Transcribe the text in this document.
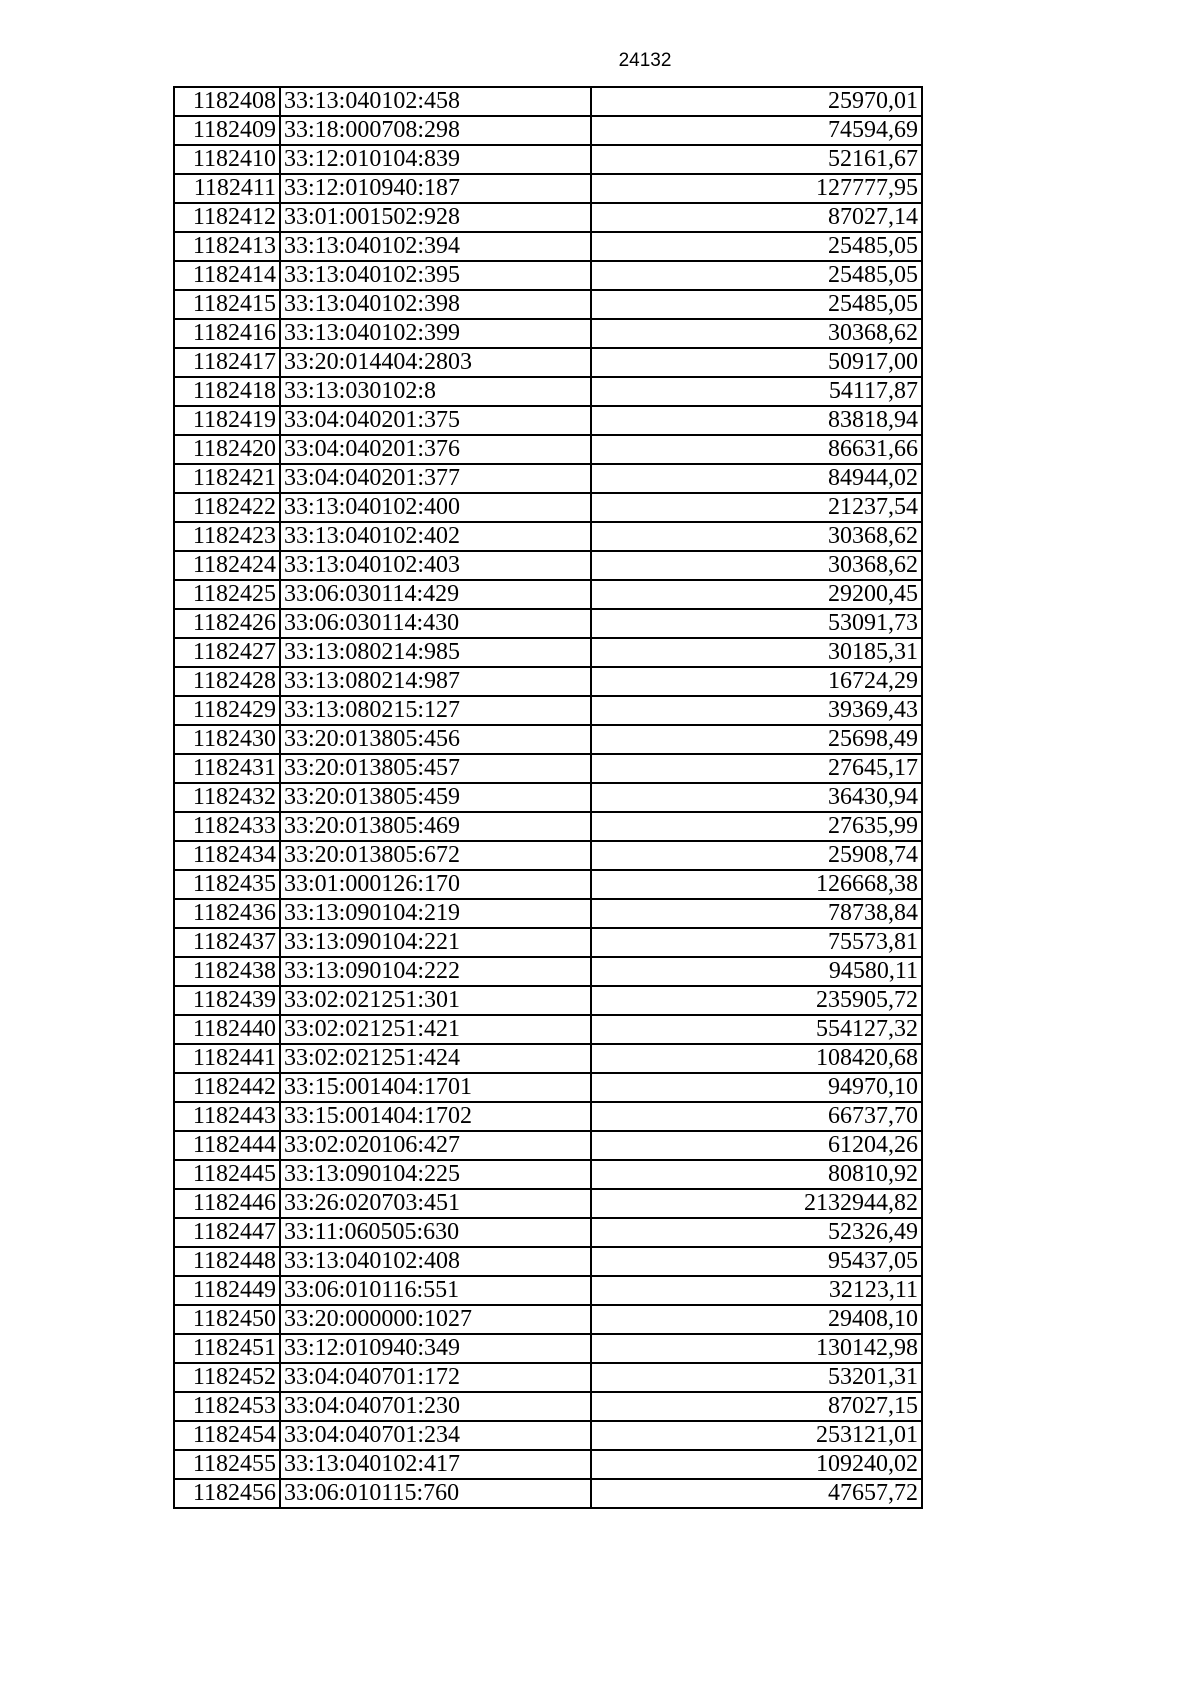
24132
1182408	33:13:040102:458	25970,01
1182409	33:18:000708:298	74594,69
1182410	33:12:010104:839	52161,67
1182411	33:12:010940:187	127777,95
1182412	33:01:001502:928	87027,14
1182413	33:13:040102:394	25485,05
1182414	33:13:040102:395	25485,05
1182415	33:13:040102:398	25485,05
1182416	33:13:040102:399	30368,62
1182417	33:20:014404:2803	50917,00
1182418	33:13:030102:8	54117,87
1182419	33:04:040201:375	83818,94
1182420	33:04:040201:376	86631,66
1182421	33:04:040201:377	84944,02
1182422	33:13:040102:400	21237,54
1182423	33:13:040102:402	30368,62
1182424	33:13:040102:403	30368,62
1182425	33:06:030114:429	29200,45
1182426	33:06:030114:430	53091,73
1182427	33:13:080214:985	30185,31
1182428	33:13:080214:987	16724,29
1182429	33:13:080215:127	39369,43
1182430	33:20:013805:456	25698,49
1182431	33:20:013805:457	27645,17
1182432	33:20:013805:459	36430,94
1182433	33:20:013805:469	27635,99
1182434	33:20:013805:672	25908,74
1182435	33:01:000126:170	126668,38
1182436	33:13:090104:219	78738,84
1182437	33:13:090104:221	75573,81
1182438	33:13:090104:222	94580,11
1182439	33:02:021251:301	235905,72
1182440	33:02:021251:421	554127,32
1182441	33:02:021251:424	108420,68
1182442	33:15:001404:1701	94970,10
1182443	33:15:001404:1702	66737,70
1182444	33:02:020106:427	61204,26
1182445	33:13:090104:225	80810,92
1182446	33:26:020703:451	2132944,82
1182447	33:11:060505:630	52326,49
1182448	33:13:040102:408	95437,05
1182449	33:06:010116:551	32123,11
1182450	33:20:000000:1027	29408,10
1182451	33:12:010940:349	130142,98
1182452	33:04:040701:172	53201,31
1182453	33:04:040701:230	87027,15
1182454	33:04:040701:234	253121,01
1182455	33:13:040102:417	109240,02
1182456	33:06:010115:760	47657,72
